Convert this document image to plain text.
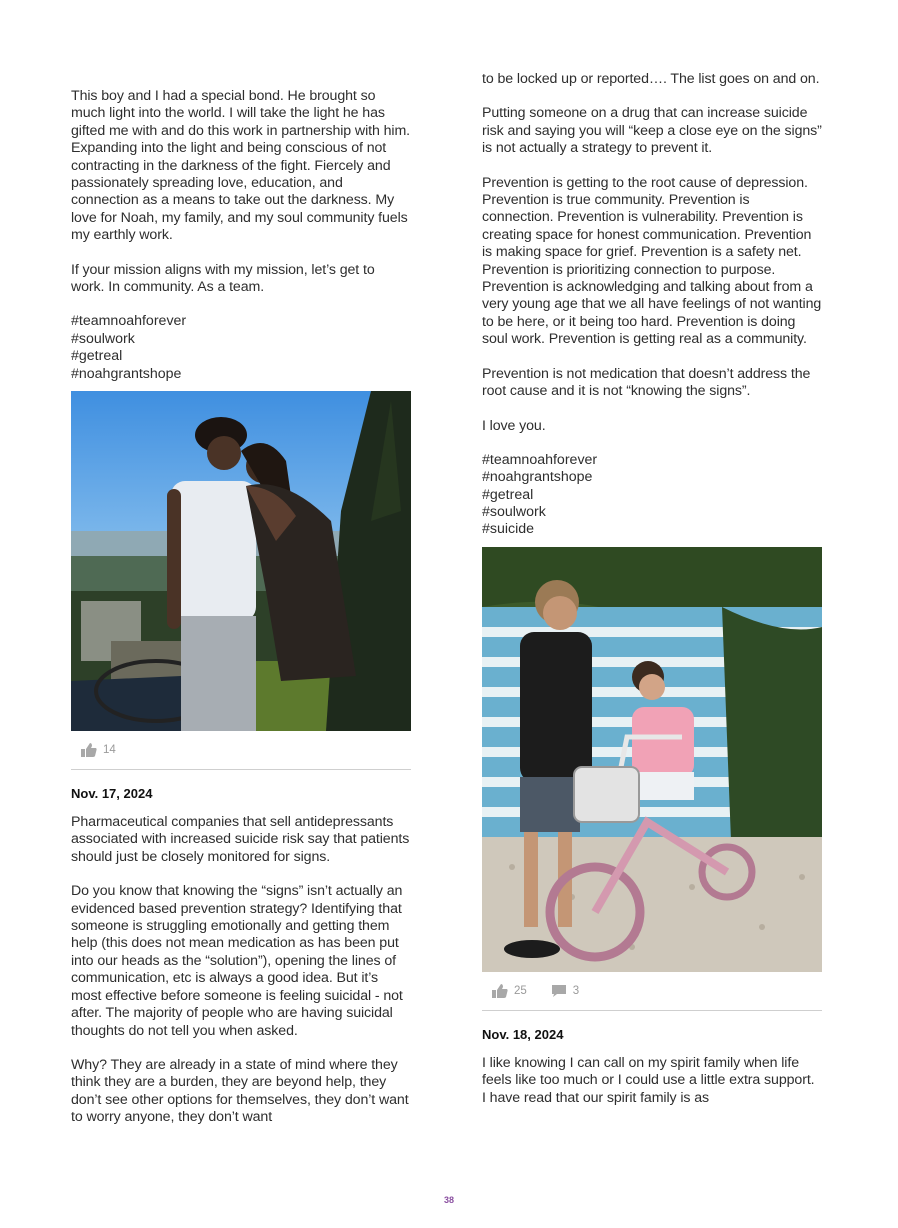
This boy and I had a special bond. He brought so much light into the world. I will take the light he has gifted me with and do this work in partnership with him. Expanding into the light and being conscious of not contracting in the darkness of the fight. Fiercely and passionately spreading love, education, and connection as a means to take out the darkness. My love for Noah, my family, and my soul community fuels my earthly work.

If your mission aligns with my mission, let’s get to work. In community. As a team.

#teamnoahforever
#soulwork
#getreal
#noahgrantshope
14
Nov. 17, 2024

Pharmaceutical companies that sell antidepressants associated with increased suicide risk say that patients should just be closely monitored for signs.

Do you know that knowing the “signs” isn’t actually an evidenced based prevention strategy? Identifying that someone is struggling emotionally and getting them help (this does not mean medication as has been put into our heads as the “solution”), opening the lines of communication, etc is always a good idea. But it’s most effective before someone is feeling suicidal - not after. The majority of people who are having suicidal thoughts do not tell you when asked.

Why? They are already in a state of mind where they think they are a burden, they are beyond help, they don’t see other options for themselves, they don’t want to worry anyone, they don’t want

to be locked up or reported…. The list goes on and on.

Putting someone on a drug that can increase suicide risk and saying you will “keep a close eye on the signs” is not actually a strategy to prevent it.

Prevention is getting to the root cause of depression. Prevention is true community. Prevention is connection. Prevention is vulnerability. Prevention is creating space for honest communication. Prevention is making space for grief. Prevention is a safety net. Prevention is prioritizing connection to purpose. Prevention is acknowledging and talking about from a very young age that we all have feelings of not wanting to be here, or it being too hard. Prevention is doing soul work. Prevention is getting real as a community.

Prevention is not medication that doesn’t address the root cause and it is not “knowing the signs”.

I love you.

#teamnoahforever
#noahgrantshope
#getreal
#soulwork
#suicide
25	3
Nov. 18, 2024

I like knowing I can call on my spirit family when life feels like too much or I could use a little extra support. I have read that our spirit family is as

38
